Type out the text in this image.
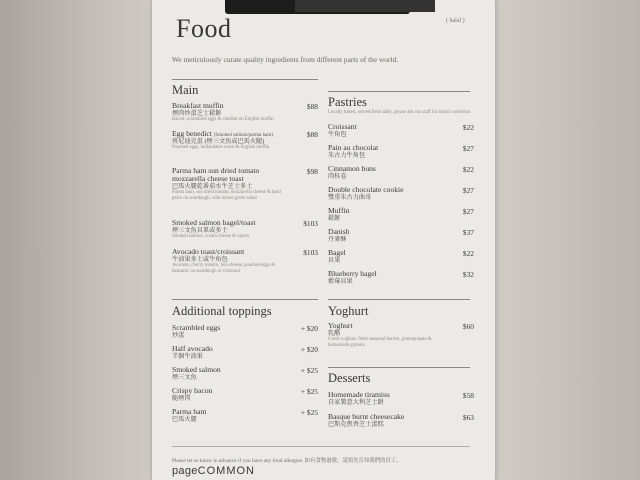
Food	( halal )
We meticulously curate quality ingredients from different parts of the world.
Main
Breakfast muffin
煙肉炒蛋芝士鬆餅
Bacon, scrambled eggs & cheddar on English muffin
$88
Egg benedict (Smoked salmon/parma ham)
班尼迪克蛋 (煙三文魚或巴馬火腿)
Poached eggs, hollandaise sauce & English muffin
$88
Parma ham sun dried tomato mozzarella cheese toast
巴馬火腿乾番茄水牛芝士多士
Parma ham, sun dried tomato, mozzarella cheese & basil pesto on sourdough, with mixed green salad
$98
Smoked salmon bagel/toast
煙三文魚貝果或多士
Smoked salmon, cream cheese & capers
$103
Avocado toast/croissant
牛油果多士或牛角包
Avocado, cherry tomato, feta cheese, poached eggs & balsamic on sourdough or croissant
$103
Pastries
Locally baked, served fresh daily, please ask our staff for today's selection
Croissant
牛角包
$22
Pain au chocolat
朱古力牛角包
$27
Cinnamon buns
肉桂卷
$22
Double chocolate cookie
雙重朱古力曲奇
$27
Muffin
鬆餅
$27
Danish
丹麥酥
$37
Bagel
貝果
$22
Blueberry bagel
藍莓貝果
$32
Additional toppings
Scrambled eggs
炒蛋
+ $20
Half avocado
半個牛油果
+ $20
Smoked salmon
煙三文魚
+ $25
Crispy bacon
脆煙肉
+ $25
Parma ham
巴馬火腿
+ $25
Yoghurt
Yoghurt
乳酪
Greek yoghurt, fresh seasonal berries, pomegranate & homemade granola
$60
Desserts
Homemade tiramisu
自家製意大利芝士餅
$58
Basque burnt cheesecake
巴斯克焦香芝士蛋糕
$63
Please let us know in advance if you have any food allergies. 如有食物過敏，請預先告知我們的員工。
pageCOMMON
